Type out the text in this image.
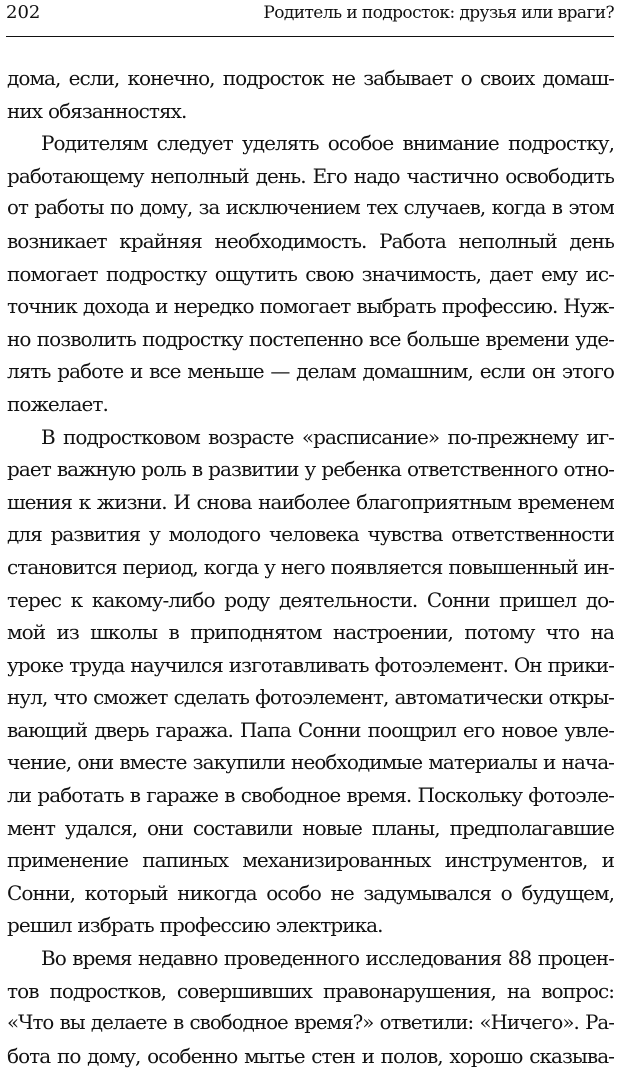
202	Родитель и подросток: друзья или враги?
дома, если, конечно, подросток не забывает о своих домаш-
них обязанностях.
Родителям следует уделять особое внимание подростку,
работающему неполный день. Его надо частично освободить
от работы по дому, за исключением тех случаев, когда в этом
возникает крайняя необходимость. Работа неполный день
помогает подростку ощутить свою значимость, дает ему ис-
точник дохода и нередко помогает выбрать профессию. Нуж-
но позволить подростку постепенно все больше времени уде-
лять работе и все меньше — делам домашним, если он этого
пожелает.
В подростковом возрасте «расписание» по-прежнему иг-
рает важную роль в развитии у ребенка ответственного отно-
шения к жизни. И снова наиболее благоприятным временем
для развития у молодого человека чувства ответственности
становится период, когда у него появляется повышенный ин-
терес к какому-либо роду деятельности. Сонни пришел до-
мой из школы в приподнятом настроении, потому что на
уроке труда научился изготавливать фотоэлемент. Он прики-
нул, что сможет сделать фотоэлемент, автоматически откры-
вающий дверь гаража. Папа Сонни поощрил его новое увле-
чение, они вместе закупили необходимые материалы и нача-
ли работать в гараже в свободное время. Поскольку фотоэле-
мент удался, они составили новые планы, предполагавшие
применение папиных механизированных инструментов, и
Сонни, который никогда особо не задумывался о будущем,
решил избрать профессию электрика.
Во время недавно проведенного исследования 88 процен-
тов подростков, совершивших правонарушения, на вопрос:
«Что вы делаете в свободное время?» ответили: «Ничего». Ра-
бота по дому, особенно мытье стен и полов, хорошо сказыва-
